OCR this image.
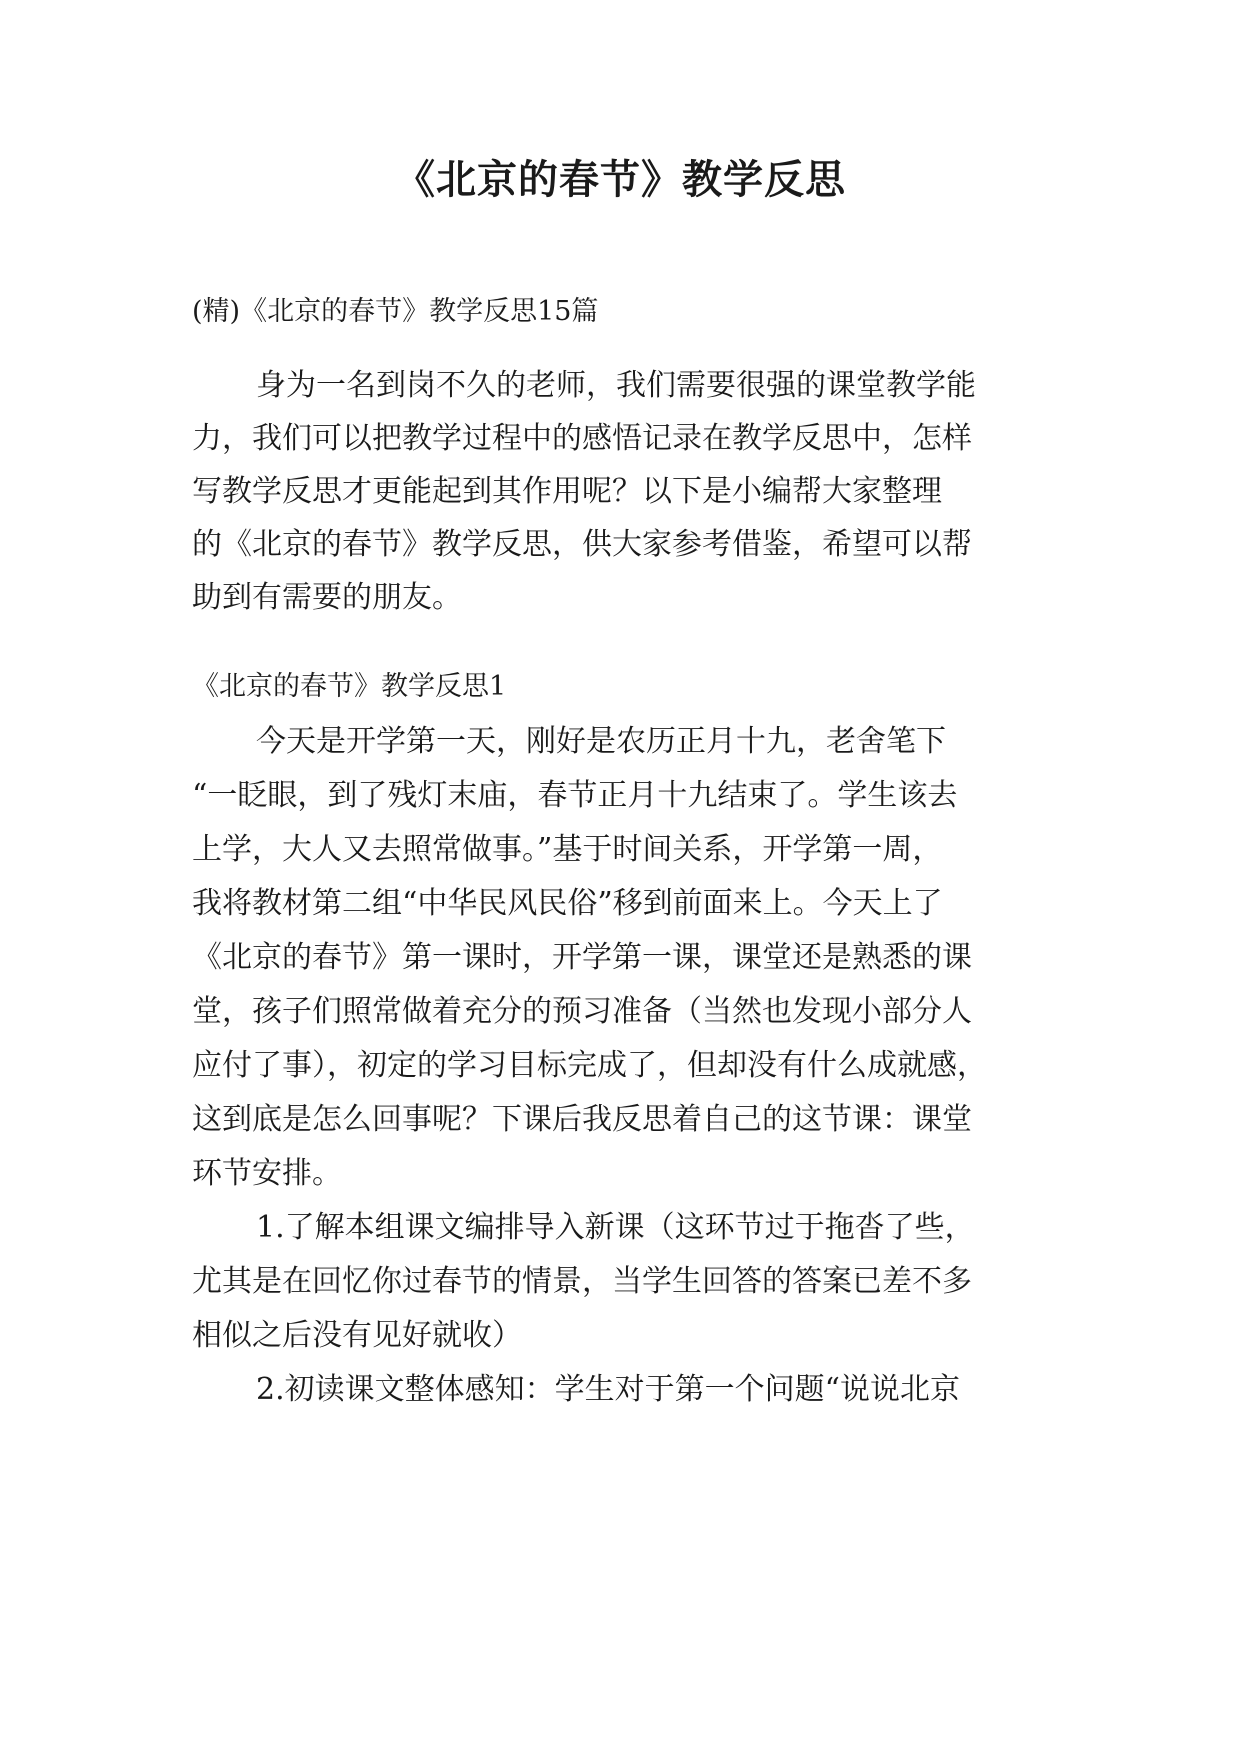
《北京的春节》教学反思
(精)《北京的春节》教学反思15篇
身为一名到岗不久的老师，我们需要很强的课堂教学能
力，我们可以把教学过程中的感悟记录在教学反思中，怎样
写教学反思才更能起到其作用呢？以下是小编帮大家整理
的《北京的春节》教学反思，供大家参考借鉴，希望可以帮
助到有需要的朋友。
《北京的春节》教学反思1
今天是开学第一天，刚好是农历正月十九，老舍笔下
“一眨眼，到了残灯末庙，春节正月十九结束了。学生该去
上学，大人又去照常做事。”基于时间关系，开学第一周，
我将教材第二组“中华民风民俗”移到前面来上。今天上了
《北京的春节》第一课时，开学第一课，课堂还是熟悉的课
堂，孩子们照常做着充分的预习准备（当然也发现小部分人
应付了事），初定的学习目标完成了，但却没有什么成就感，
这到底是怎么回事呢？下课后我反思着自己的这节课：课堂
环节安排。
1.了解本组课文编排导入新课（这环节过于拖沓了些，
尤其是在回忆你过春节的情景，当学生回答的答案已差不多
相似之后没有见好就收）
2.初读课文整体感知：学生对于第一个问题“说说北京
